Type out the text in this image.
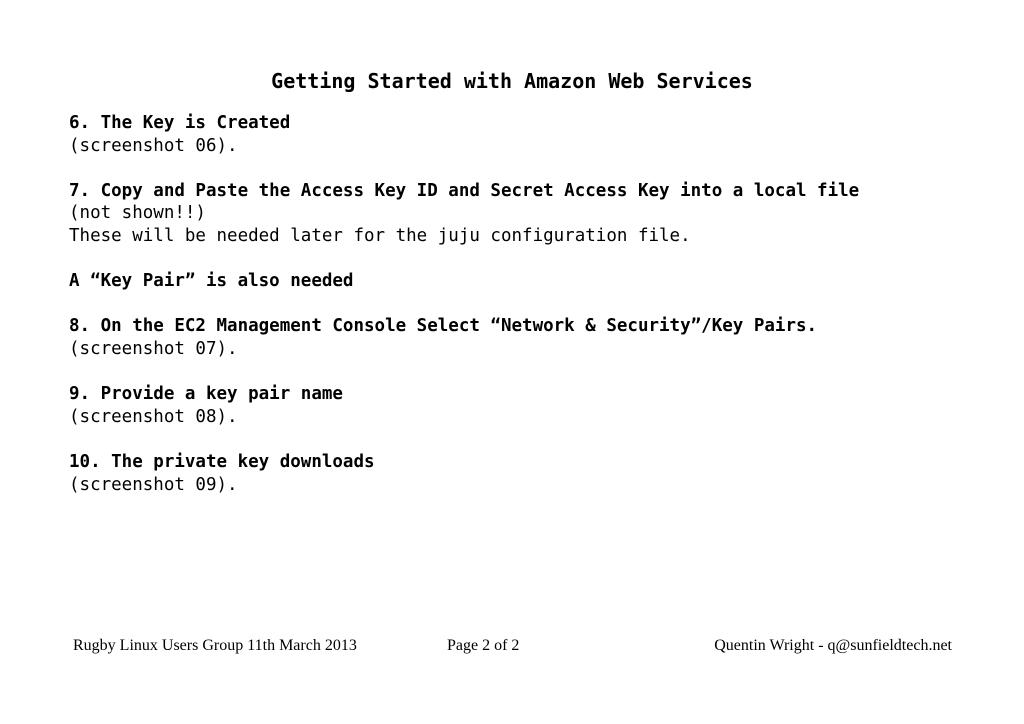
Getting Started with Amazon Web Services
6. The Key is Created
(screenshot 06).
7. Copy and Paste the Access Key ID and Secret Access Key into a local file
(not shown!!)
These will be needed later for the juju configuration file.
A “Key Pair” is also needed
8. On the EC2 Management Console Select “Network & Security”/Key Pairs.
(screenshot 07).
9. Provide a key pair name
(screenshot 08).
10. The private key downloads
(screenshot 09).
Rugby Linux Users Group 11th March 2013	Page 2 of 2	Quentin Wright - q@sunfieldtech.net
